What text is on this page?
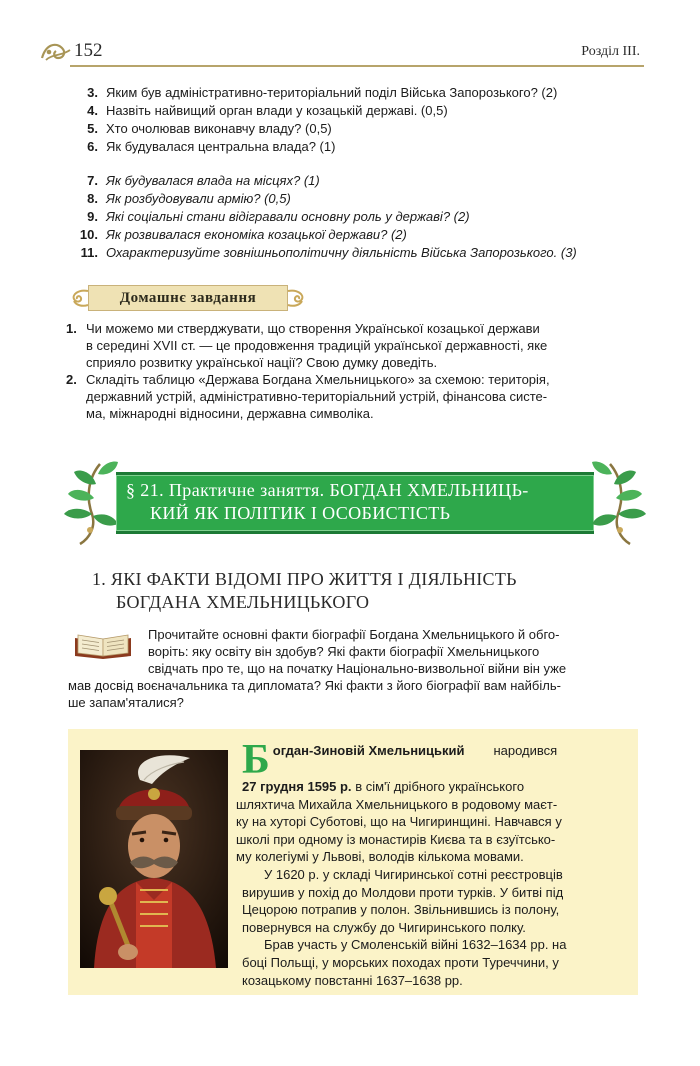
152	Розділ III.
3. Яким був адміністративно-територіальний поділ Війська Запорозького? (2)
4. Назвіть найвищий орган влади у козацькій державі. (0,5)
5. Хто очолював виконавчу владу? (0,5)
6. Як будувалася центральна влада? (1)
7. Як будувалася влада на місцях? (1)
8. Як розбудовували армію? (0,5)
9. Які соціальні стани відігравали основну роль у державі? (2)
10. Як розвивалася економіка козацької держави? (2)
11. Охарактеризуйте зовнішньополітичну діяльність Війська Запорозького. (3)
Домашнє завдання
1. Чи можемо ми стверджувати, що створення Української козацької держави
в середині XVII ст. — це продовження традицій української державності, яке
сприяло розвитку української нації? Свою думку доведіть.
2. Складіть таблицю «Держава Богдана Хмельницького» за схемою: територія,
державний устрій, адміністративно-територіальний устрій, фінансова систе-
ма, міжнародні відносини, державна символіка.
§ 21. Практичне заняття. БОГДАН ХМЕЛЬНИЦЬ-
КИЙ ЯК ПОЛІТИК І ОСОБИСТІСТЬ
1. ЯКІ ФАКТИ ВІДОМІ ПРО ЖИТТЯ І ДІЯЛЬНІСТЬ
БОГДАНА ХМЕЛЬНИЦЬКОГО
Прочитайте основні факти біографії Богдана Хмельницького й обго-
воріть: яку освіту він здобув? Які факти біографії Хмельницького
свідчать про те, що на початку Національно-визвольної війни він уже
мав досвід воєначальника та дипломата? Які факти з його біографії вам найбіль-
ше запам'яталися?
Богдан-Зиновій Хмельницький народився
27 грудня 1595 р. в сім'ї дрібного українського
шляхтича Михайла Хмельницького в родовому маєт-
ку на хуторі Суботові, що на Чигиринщині. Навчався у
школі при одному із монастирів Києва та в єзуїтсько-
му колегіумі у Львові, володів кількома мовами.
У 1620 р. у складі Чигиринської сотні реєстровців
вирушив у похід до Молдови проти турків. У битві під
Цецорою потрапив у полон. Звільнившись із полону,
повернувся на службу до Чигиринського полку.
Брав участь у Смоленській війні 1632–1634 рр. на
боці Польщі, у морських походах проти Туреччини, у
козацькому повстанні 1637–1638 рр.
